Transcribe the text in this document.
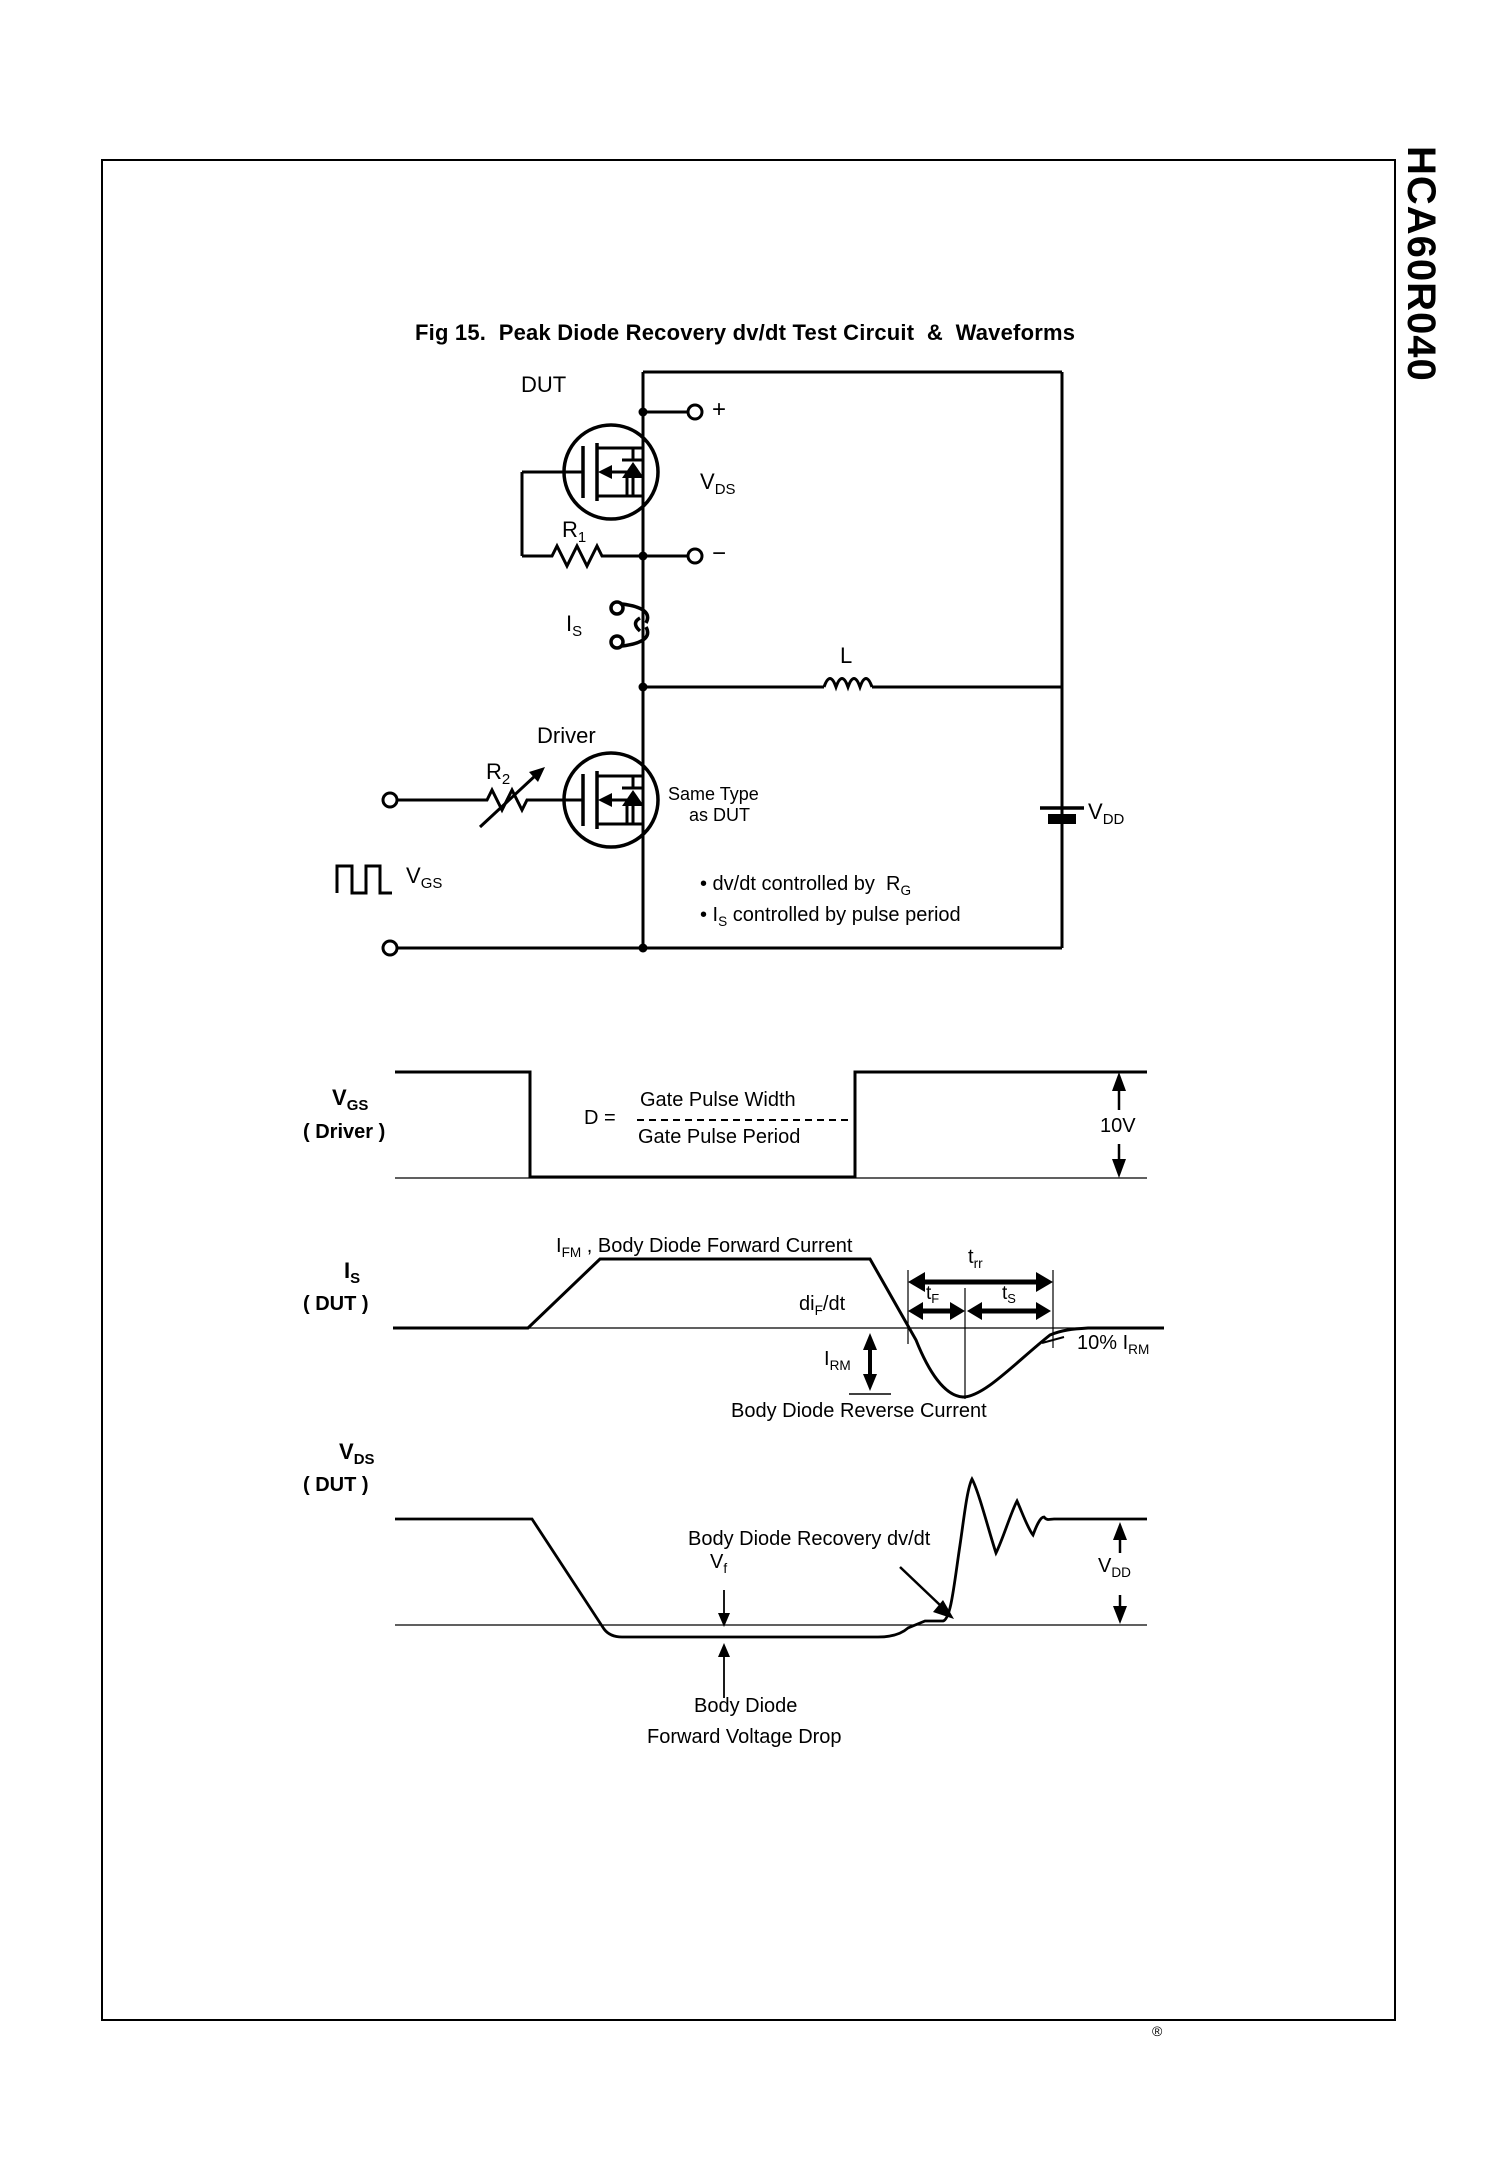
Fig 15.  Peak Diode Recovery dv/dt Test Circuit  &  Waveforms	HCA60R040
DUT
+
$V_{DS}$
−
$R_1$
$I_S$
L
Driver
$R_2$
Same Type
as DUT	$V_{DD}$
$V_{GS}$	• dv/dt controlled by  $R_G$
• $I_S$ controlled by pulse period
$V_{GS}$
( Driver )
D =
Gate Pulse Width
Gate Pulse Period	10V
$I_S$
( DUT )
$I_{FM}$ , Body Diode Forward Current
$di_F/dt$
$t_{rr}$
$t_F$	$t_S$
$I_{RM}$
10% $I_{RM}$
Body Diode Reverse Current
$V_{DS}$
( DUT )
Body Diode Recovery dv/dt
$V_f$	$V_{DD}$
Body Diode
Forward Voltage Drop
®
